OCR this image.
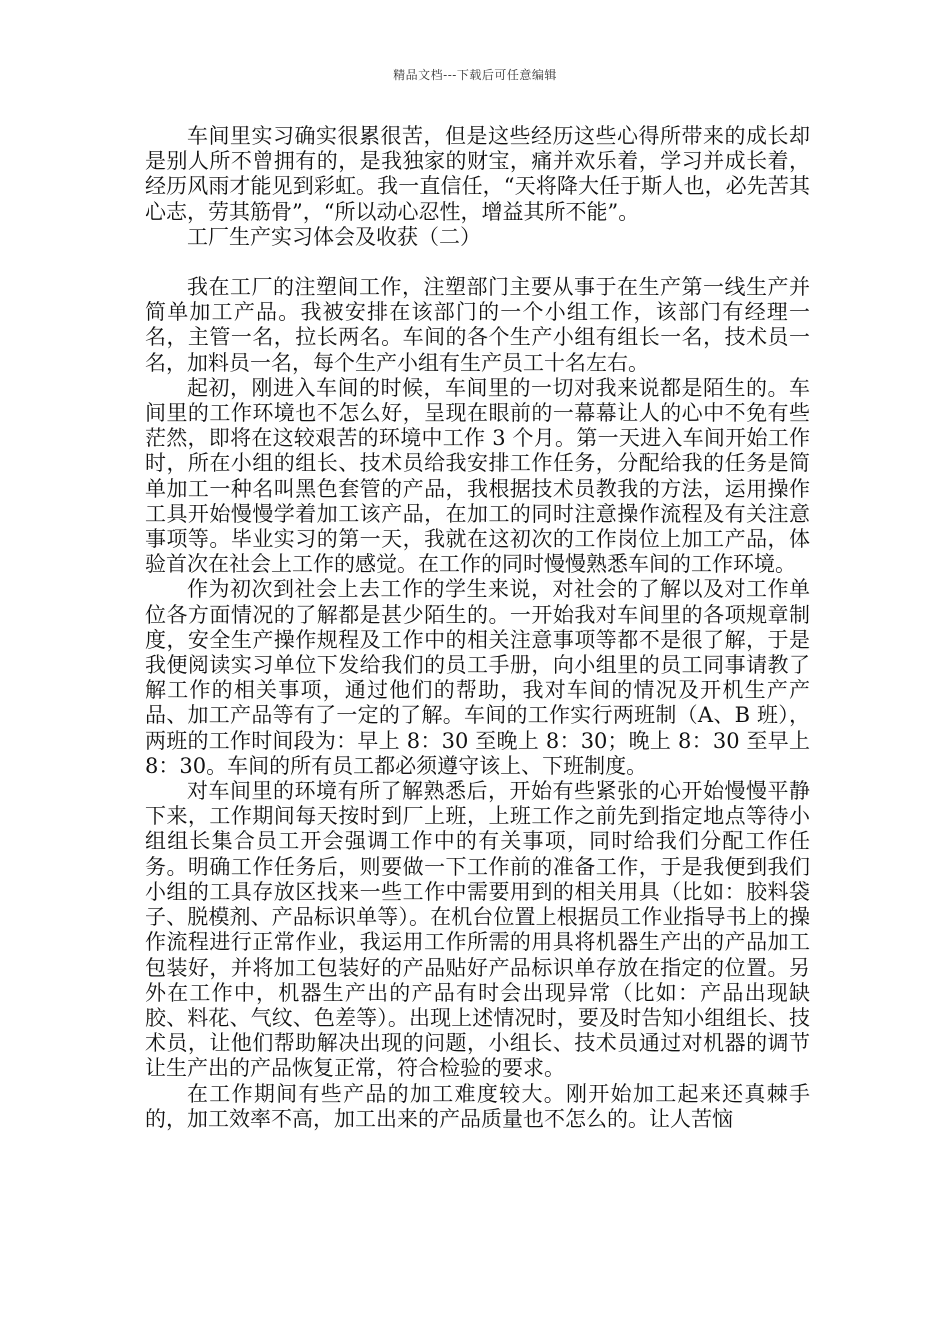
精品文档---下载后可任意编辑

车间里实习确实很累很苦，但是这些经历这些心得所带来的成长却是别人所不曾拥有的，是我独家的财宝，痛并欢乐着，学习并成长着，经历风雨才能见到彩虹。我一直信任，“天将降大任于斯人也，必先苦其心志，劳其筋骨”，“所以动心忍性，增益其所不能”。

工厂生产实习体会及收获（二）

我在工厂的注塑间工作，注塑部门主要从事于在生产第一线生产并简单加工产品。我被安排在该部门的一个小组工作，该部门有经理一名，主管一名，拉长两名。车间的各个生产小组有组长一名，技术员一名，加料员一名，每个生产小组有生产员工十名左右。

起初，刚进入车间的时候，车间里的一切对我来说都是陌生的。车间里的工作环境也不怎么好，呈现在眼前的一幕幕让人的心中不免有些茫然，即将在这较艰苦的环境中工作 3 个月。第一天进入车间开始工作时，所在小组的组长、技术员给我安排工作任务，分配给我的任务是简单加工一种名叫黑色套管的产品，我根据技术员教我的方法，运用操作工具开始慢慢学着加工该产品，在加工的同时注意操作流程及有关注意事项等。毕业实习的第一天，我就在这初次的工作岗位上加工产品，体验首次在社会上工作的感觉。在工作的同时慢慢熟悉车间的工作环境。

作为初次到社会上去工作的学生来说，对社会的了解以及对工作单位各方面情况的了解都是甚少陌生的。一开始我对车间里的各项规章制度，安全生产操作规程及工作中的相关注意事项等都不是很了解，于是我便阅读实习单位下发给我们的员工手册，向小组里的员工同事请教了解工作的相关事项，通过他们的帮助，我对车间的情况及开机生产产品、加工产品等有了一定的了解。车间的工作实行两班制（A、B 班），两班的工作时间段为：早上 8：30 至晚上 8：30；晚上 8：30 至早上 8：30。车间的所有员工都必须遵守该上、下班制度。

对车间里的环境有所了解熟悉后，开始有些紧张的心开始慢慢平静下来，工作期间每天按时到厂上班，上班工作之前先到指定地点等待小组组长集合员工开会强调工作中的有关事项，同时给我们分配工作任务。明确工作任务后，则要做一下工作前的准备工作，于是我便到我们小组的工具存放区找来一些工作中需要用到的相关用具（比如：胶料袋子、脱模剂、产品标识单等）。在机台位置上根据员工作业指导书上的操作流程进行正常作业，我运用工作所需的用具将机器生产出的产品加工包装好，并将加工包装好的产品贴好产品标识单存放在指定的位置。另外在工作中，机器生产出的产品有时会出现异常（比如：产品出现缺胶、料花、气纹、色差等）。出现上述情况时，要及时告知小组组长、技术员，让他们帮助解决出现的问题，小组长、技术员通过对机器的调节让生产出的产品恢复正常，符合检验的要求。

在工作期间有些产品的加工难度较大。刚开始加工起来还真棘手的，加工效率不高，加工出来的产品质量也不怎么的。让人苦恼
